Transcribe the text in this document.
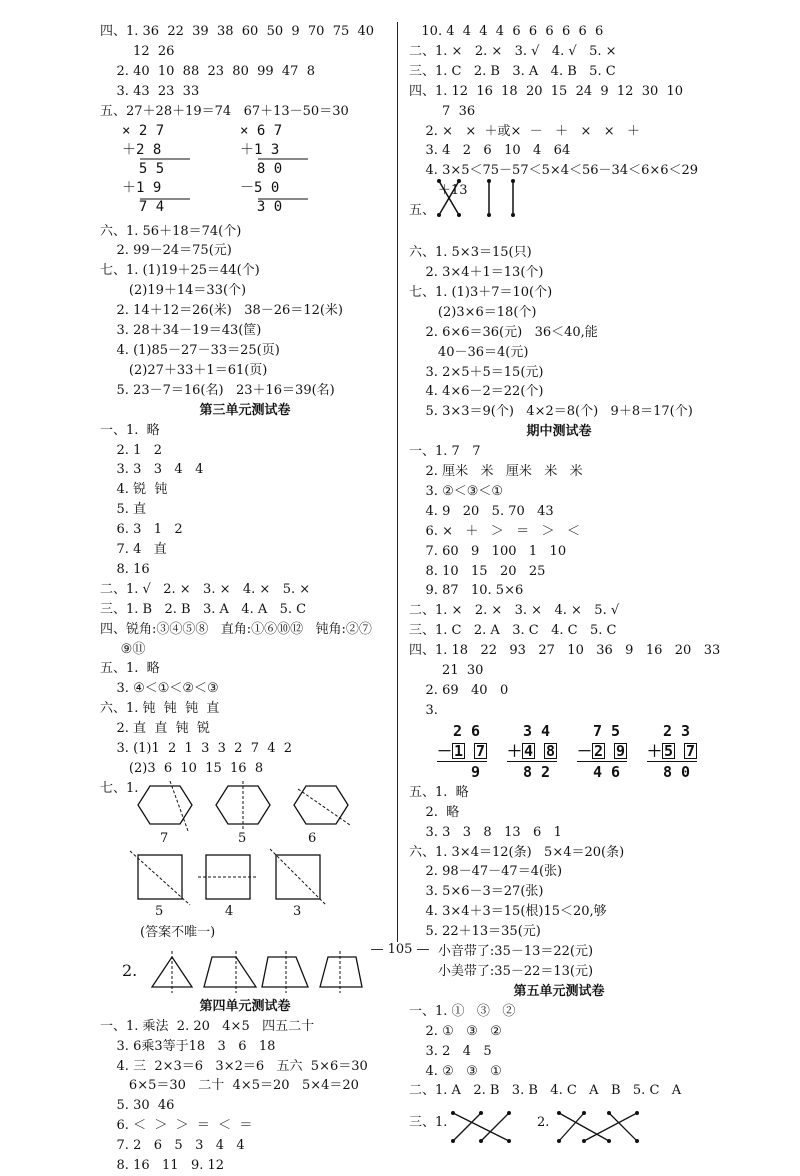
四、1. 36  22  39  38  60  50  9  70  75  40
12  26
2. 40  10  88  23  80  99  47  8
3. 43  23  33
五、27＋28＋19＝74   67＋13－50＝30
× 2 7
＋2 8
5 5
＋1 9
7 4
× 6 7
＋1 3
8 0
－5 0
3 0
六、1. 56＋18＝74(个)
2. 99－24＝75(元)
七、1. (1)19＋25＝44(个)
(2)19＋14＝33(个)
2. 14＋12＝26(米)   38－26＝12(米)
3. 28＋34－19＝43(筐)
4. (1)85－27－33＝25(页)
(2)27＋33＋1＝61(页)
5. 23－7＝16(名)   23＋16＝39(名)
第三单元测试卷
一、1.  略
2. 1   2
3. 3   3   4   4
4. 锐  钝
5. 直
6. 3   1   2
7. 4   直
8. 16
二、1. √   2. ×   3. ×   4. ×   5. ×
三、1. B   2. B   3. A   4. A   5. C
四、锐角:③④⑤⑧   直角:①⑥⑩⑫   钝角:②⑦
⑨⑪
五、1.  略
3. ④＜①＜②＜③
六、1. 钝  钝  钝  直
2. 直  直  钝  锐
3. (1)1  2  1  3  3  2  7  4  2
(2)3  6  10  15  16  8
七、1.
7	5	6
5	4	3
(答案不唯一)
2.
第四单元测试卷
一、1. 乘法  2. 20   4×5   四五二十
3. 6乘3等于18   3   6   18
4. 三  2×3＝6   3×2＝6   五六  5×6＝30
6×5＝30   二十  4×5＝20   5×4＝20
5. 30  46
6. ＜  ＞  ＞  ＝  ＜  ＝
7. 2   6   5   3   4   4
8. 16   11   9. 12
10. 4  4  4  4  6  6  6  6  6  6
二、1. ×   2. ×   3. √   4. √   5. ×
三、1. C   2. B   3. A   4. B   5. C
四、1. 12  16  18  20  15  24  9  12  30  10
7  36
2. ×   ×  ＋或×  －   ＋   ×   ×   ＋
3. 4   2   6   10   4   64
4. 3×5＜75－57＜5×4＜56－34＜6×6＜29
＋13
五、
六、1. 5×3＝15(只)
2. 3×4＋1＝13(个)
七、1. (1)3＋7＝10(个)
(2)3×6＝18(个)
2. 6×6＝36(元)   36＜40,能
40－36＝4(元)
3. 2×5＋5＝15(元)
4. 4×6－2＝22(个)
5. 3×3＝9(个)   4×2＝8(个)   9＋8＝17(个)
期中测试卷
一、1. 7   7
2. 厘米   米   厘米   米   米
3. ②＜③＜①
4. 9   20   5. 70   43
6. ×   ＋   ＞   ＝   ＞   ＜
7. 60   9   100   1   10
8. 10   15   20   25
9. 87   10. 5×6
二、1. ×   2. ×   3. ×   4. ×   5. √
三、1. C   2. A   3. C   4. C   5. C
四、1. 18   22   93   27   10   36   9   16   20   33
21  30
2. 69   40   0
3.
2 6
－ 1 7
9
3 4
＋ 4 8
8 2
7 5
－ 2 9
4 6
2 3
＋ 5 7
8 0
五、1.  略
2.  略
3. 3   3   8   13   6   1
六、1. 3×4＝12(条)   5×4＝20(条)
2. 98－47－47＝4(张)
3. 5×6－3＝27(张)
4. 3×4＋3＝15(根)15＜20,够
5. 22＋13＝35(元)
小音带了:35－13＝22(元)
小美带了:35－22＝13(元)
第五单元测试卷
一、1. ①   ③   ②
2. ①   ③   ②
3. 2   4   5
4. ②   ③   ①
二、1. A   2. B   3. B   4. C   A   B   5. C   A
三、1.	2.
— 105 —
